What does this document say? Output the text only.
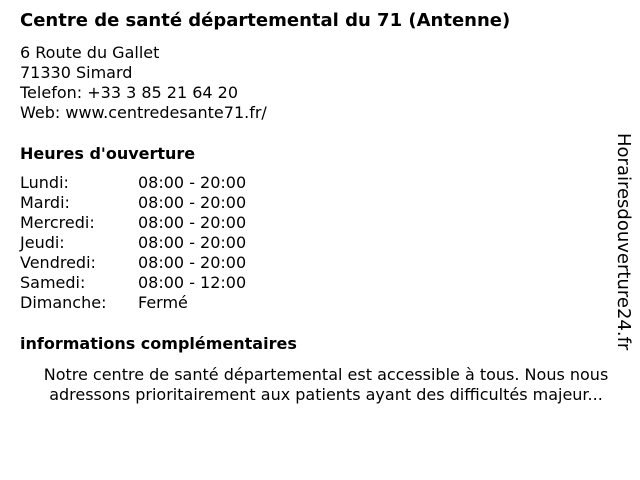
Centre de santé départemental du 71 (Antenne)
6 Route du Gallet
71330 Simard
Telefon: +33 3 85 21 64 20
Web: www.centredesante71.fr/
Heures d'ouverture
Lundi:	08:00 - 20:00
Mardi:	08:00 - 20:00
Mercredi:	08:00 - 20:00
Jeudi:	08:00 - 20:00
Vendredi:	08:00 - 20:00
Samedi:	08:00 - 12:00
Dimanche:	Fermé
informations complémentaires
Notre centre de santé départemental est accessible à tous. Nous nous
adressons prioritairement aux patients ayant des difficultés majeur...
Horairesdouverture24.fr
